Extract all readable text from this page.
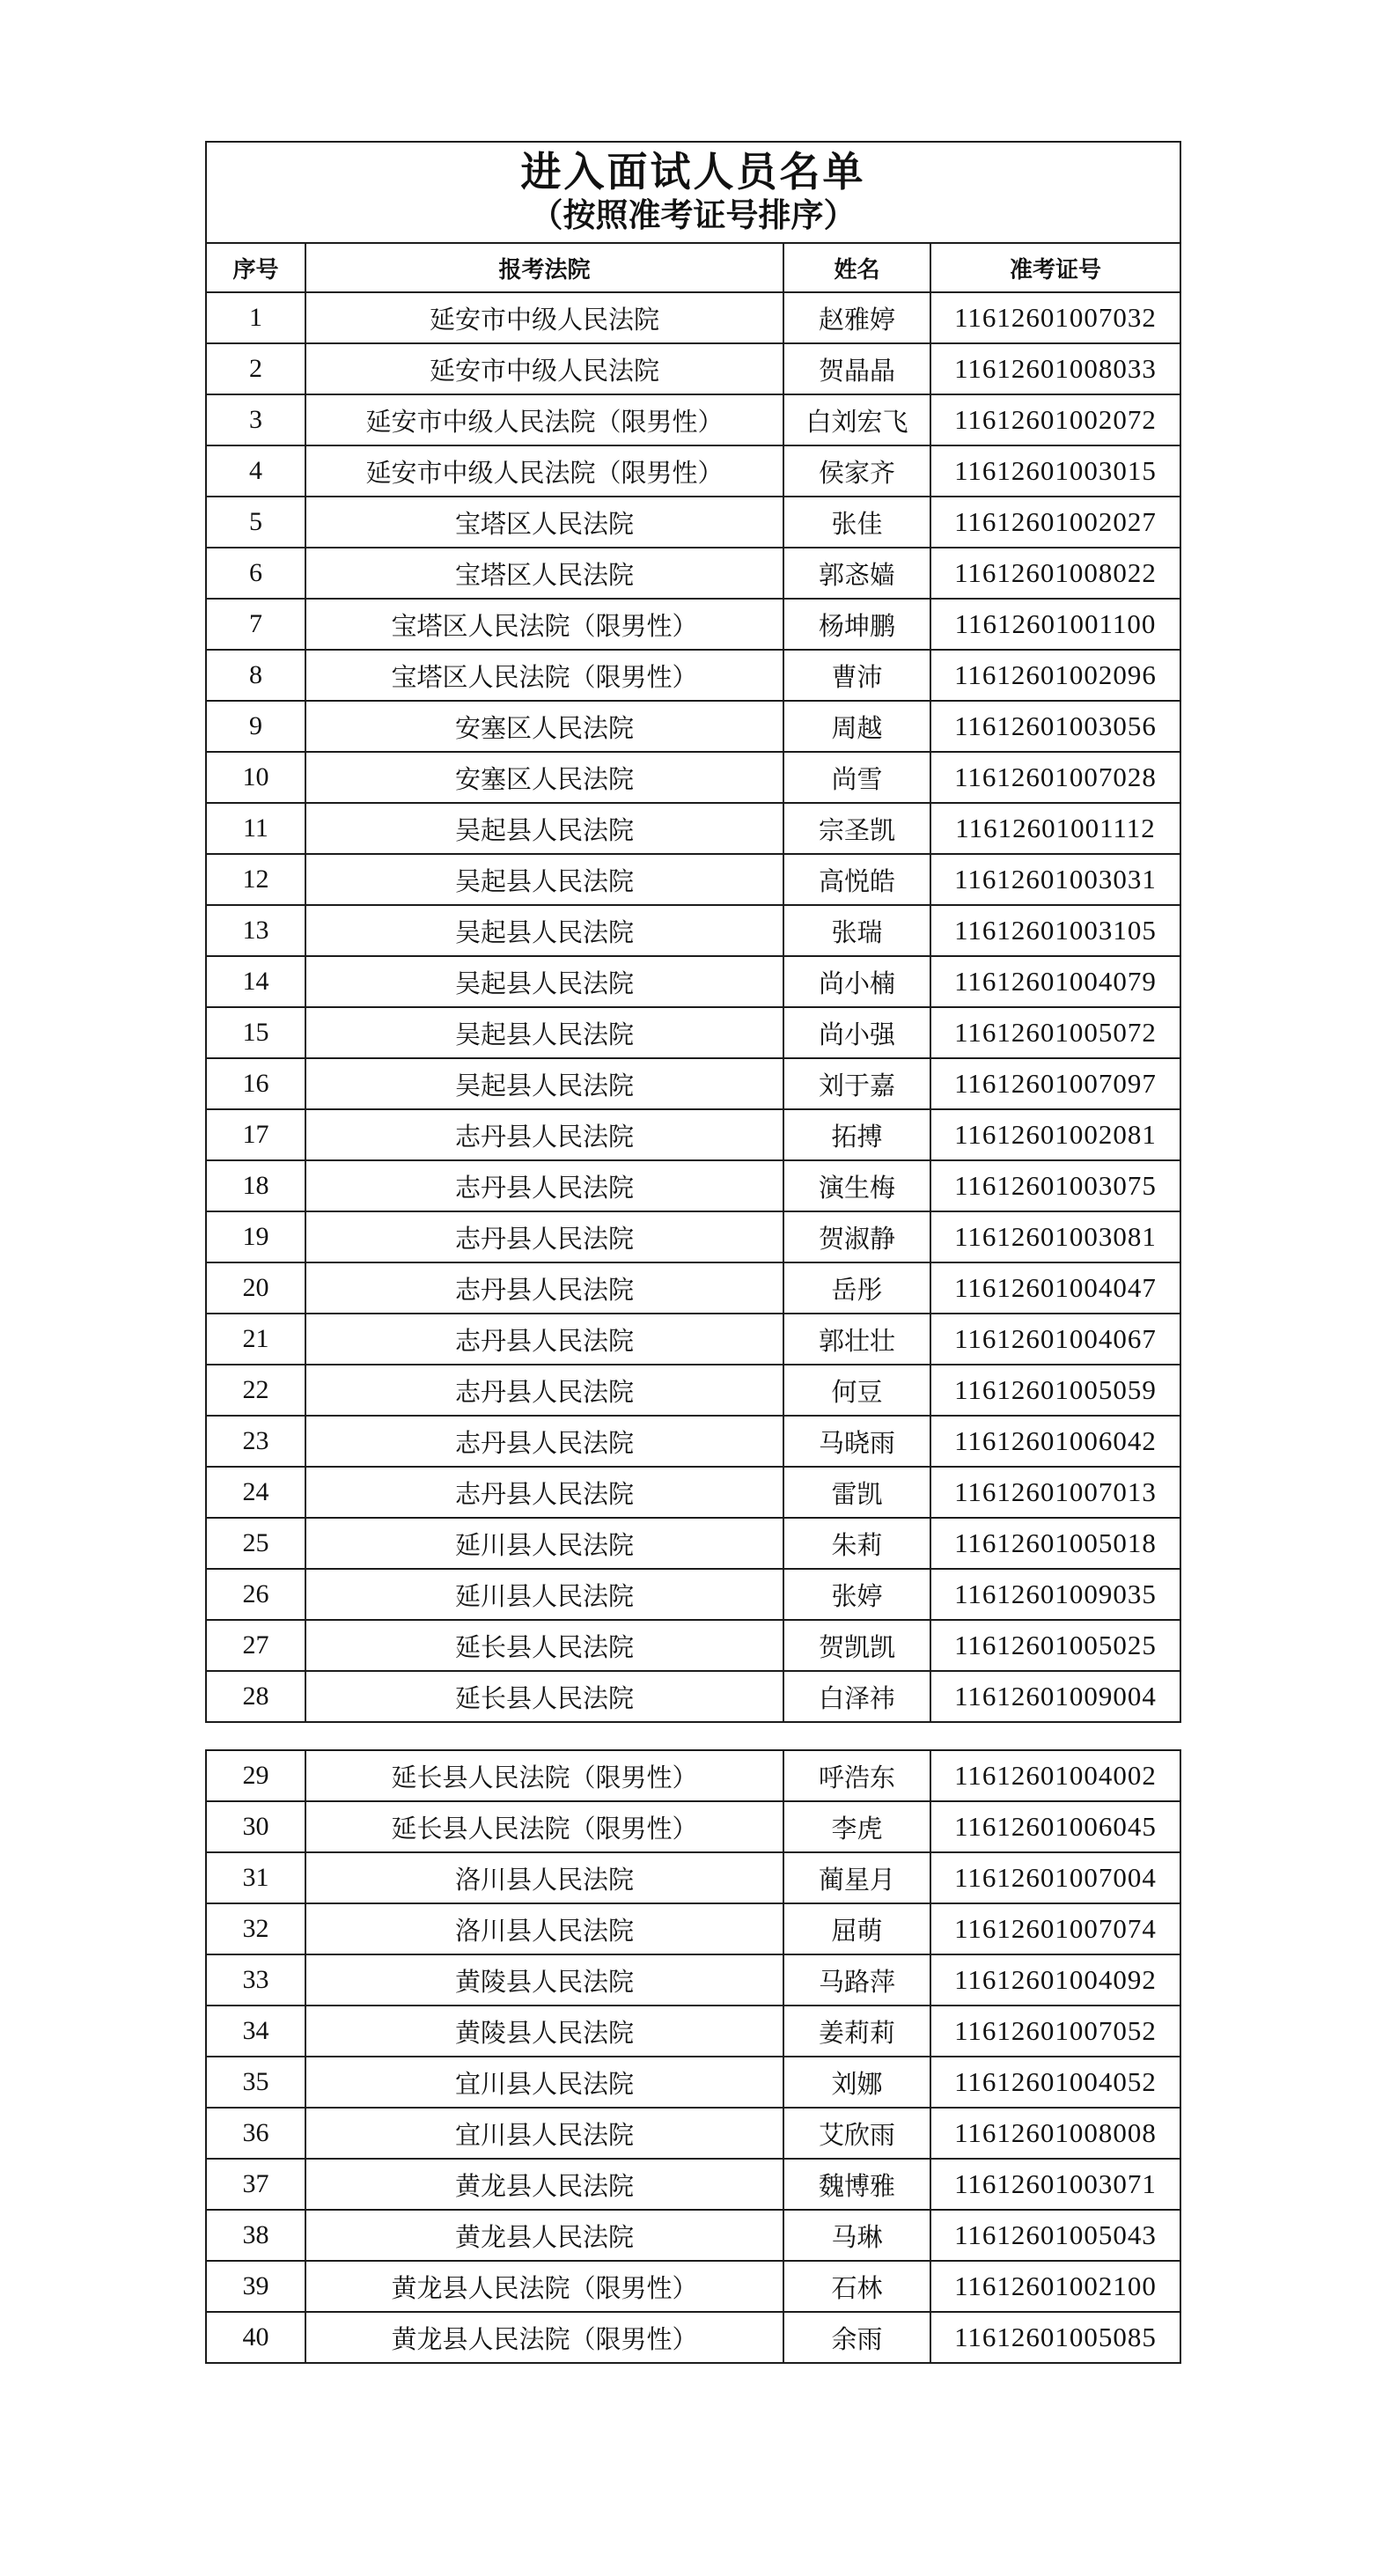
进入面试人员名单
（按照准考证号排序）			

序号	报考法院	姓名	准考证号
1	延安市中级人民法院	赵雅婷	11612601007032
2	延安市中级人民法院	贺晶晶	11612601008033
3	延安市中级人民法院（限男性）	白刘宏飞	11612601002072
4	延安市中级人民法院（限男性）	侯家齐	11612601003015
5	宝塔区人民法院	张佳	11612601002027
6	宝塔区人民法院	郭忞嫱	11612601008022
7	宝塔区人民法院（限男性）	杨坤鹏	11612601001100
8	宝塔区人民法院（限男性）	曹沛	11612601002096
9	安塞区人民法院	周越	11612601003056
10	安塞区人民法院	尚雪	11612601007028
11	吴起县人民法院	宗圣凯	11612601001112
12	吴起县人民法院	高悦皓	11612601003031
13	吴起县人民法院	张瑞	11612601003105
14	吴起县人民法院	尚小楠	11612601004079
15	吴起县人民法院	尚小强	11612601005072
16	吴起县人民法院	刘于嘉	11612601007097
17	志丹县人民法院	拓搏	11612601002081
18	志丹县人民法院	演生梅	11612601003075
19	志丹县人民法院	贺淑静	11612601003081
20	志丹县人民法院	岳彤	11612601004047
21	志丹县人民法院	郭壮壮	11612601004067
22	志丹县人民法院	何豆	11612601005059
23	志丹县人民法院	马晓雨	11612601006042
24	志丹县人民法院	雷凯	11612601007013
25	延川县人民法院	朱莉	11612601005018
26	延川县人民法院	张婷	11612601009035
27	延长县人民法院	贺凯凯	11612601005025
28	延长县人民法院	白泽祎	11612601009004
29	延长县人民法院（限男性）	呼浩东	11612601004002
30	延长县人民法院（限男性）	李虎	11612601006045
31	洛川县人民法院	蔺星月	11612601007004
32	洛川县人民法院	屈萌	11612601007074
33	黄陵县人民法院	马路萍	11612601004092
34	黄陵县人民法院	姜莉莉	11612601007052
35	宜川县人民法院	刘娜	11612601004052
36	宜川县人民法院	艾欣雨	11612601008008
37	黄龙县人民法院	魏博雅	11612601003071
38	黄龙县人民法院	马琳	11612601005043
39	黄龙县人民法院（限男性）	石林	11612601002100
40	黄龙县人民法院（限男性）	余雨	11612601005085
